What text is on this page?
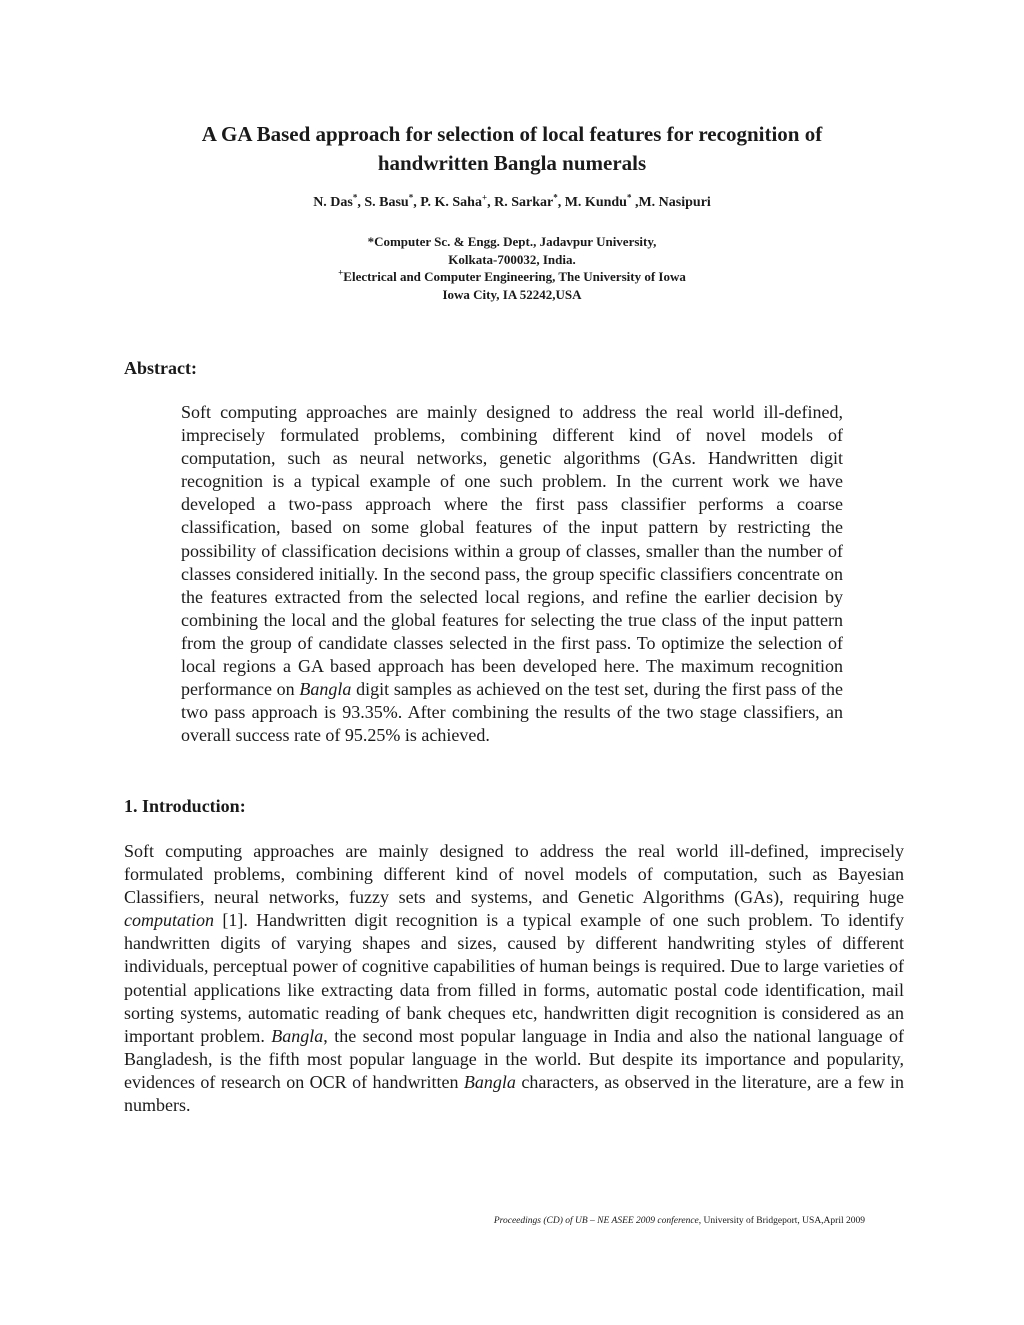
A GA Based approach for selection of local features for recognition of
handwritten Bangla numerals
N. Das*, S. Basu*, P. K. Saha+, R. Sarkar*, M. Kundu* ,M. Nasipuri
*Computer Sc. & Engg. Dept., Jadavpur University,
Kolkata-700032, India.
+Electrical and Computer Engineering, The University of Iowa
Iowa City, IA 52242,USA
Abstract:

Soft computing approaches are mainly designed to address the real world ill-defined, imprecisely formulated problems, combining different kind of novel models of computation, such as neural networks, genetic algorithms (GAs. Handwritten digit recognition is a typical example of one such problem. In the current work we have developed a two-pass approach where the first pass classifier performs a coarse classification, based on some global features of the input pattern by restricting the possibility of classification decisions within a group of classes, smaller than the number of classes considered initially. In the second pass, the group specific classifiers concentrate on the features extracted from the selected local regions, and refine the earlier decision by combining the local and the global features for selecting the true class of the input pattern from the group of candidate classes selected in the first pass. To optimize the selection of local regions a GA based approach has been developed here. The maximum recognition performance on Bangla digit samples as achieved on the test set, during the first pass of the two pass approach is 93.35%. After combining the results of the two stage classifiers, an overall success rate of 95.25% is achieved.

1. Introduction:

Soft computing approaches are mainly designed to address the real world ill-defined, imprecisely formulated problems, combining different kind of novel models of computation, such as Bayesian Classifiers, neural networks, fuzzy sets and systems, and Genetic Algorithms (GAs), requiring huge computation [1]. Handwritten digit recognition is a typical example of one such problem. To identify handwritten digits of varying shapes and sizes, caused by different handwriting styles of different individuals, perceptual power of cognitive capabilities of human beings is required. Due to large varieties of potential applications like extracting data from filled in forms, automatic postal code identification, mail sorting systems, automatic reading of bank cheques etc, handwritten digit recognition is considered as an important problem. Bangla, the second most popular language in India and also the national language of Bangladesh, is the fifth most popular language in the world. But despite its importance and popularity, evidences of research on OCR of handwritten Bangla characters, as observed in the literature, are a few in numbers.

Proceedings (CD) of UB – NE ASEE 2009 conference, University of Bridgeport, USA,April 2009
